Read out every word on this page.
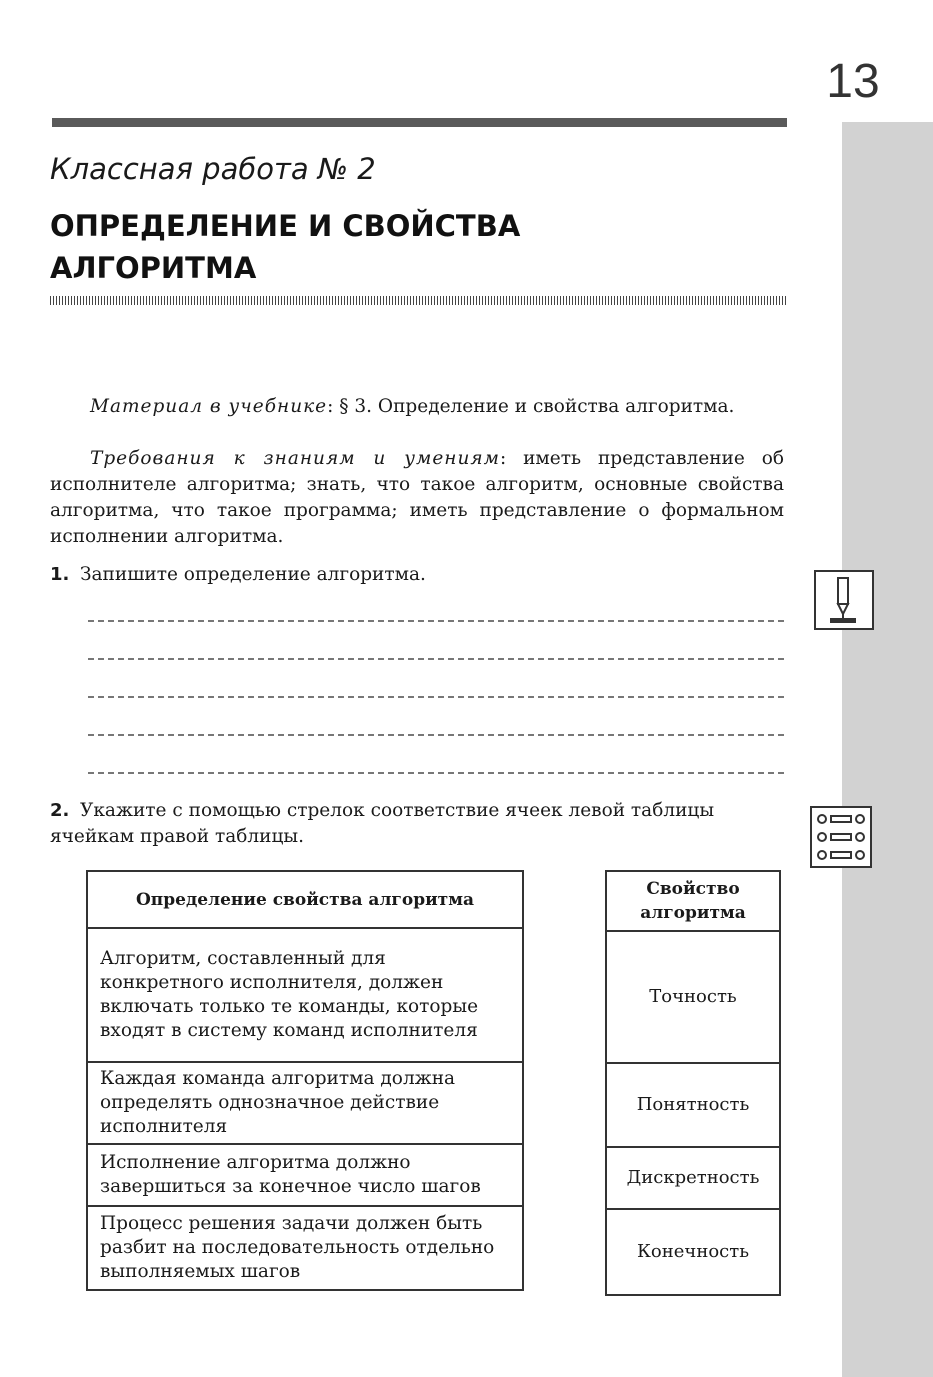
13
Классная работа № 2
ОПРЕДЕЛЕНИЕ И СВОЙСТВА
АЛГОРИТМА

Материал в учебнике: § 3. Определение и свойства алгоритма.

Требования к знаниям и умениям: иметь представление об исполнителе алгоритма; знать, что такое алгоритм, основные свойства алгоритма, что такое программа; иметь представление о формальном исполнении алгоритма.

1. Запишите определение алгоритма.

2. Укажите с помощью стрелок соответствие ячеек левой таблицы ячейкам правой таблицы.

Определение свойства алгоритма
Алгоритм, составленный для конкретного исполнителя, должен включать только те команды, которые входят в систему команд исполнителя
Каждая команда алгоритма должна определять однозначное действие исполнителя
Исполнение алгоритма должно завершиться за конечное число шагов
Процесс решения задачи должен быть разбит на последовательность отдельно выполняемых шагов
Свойство алгоритма
Точность
Понятность
Дискретность
Конечность
